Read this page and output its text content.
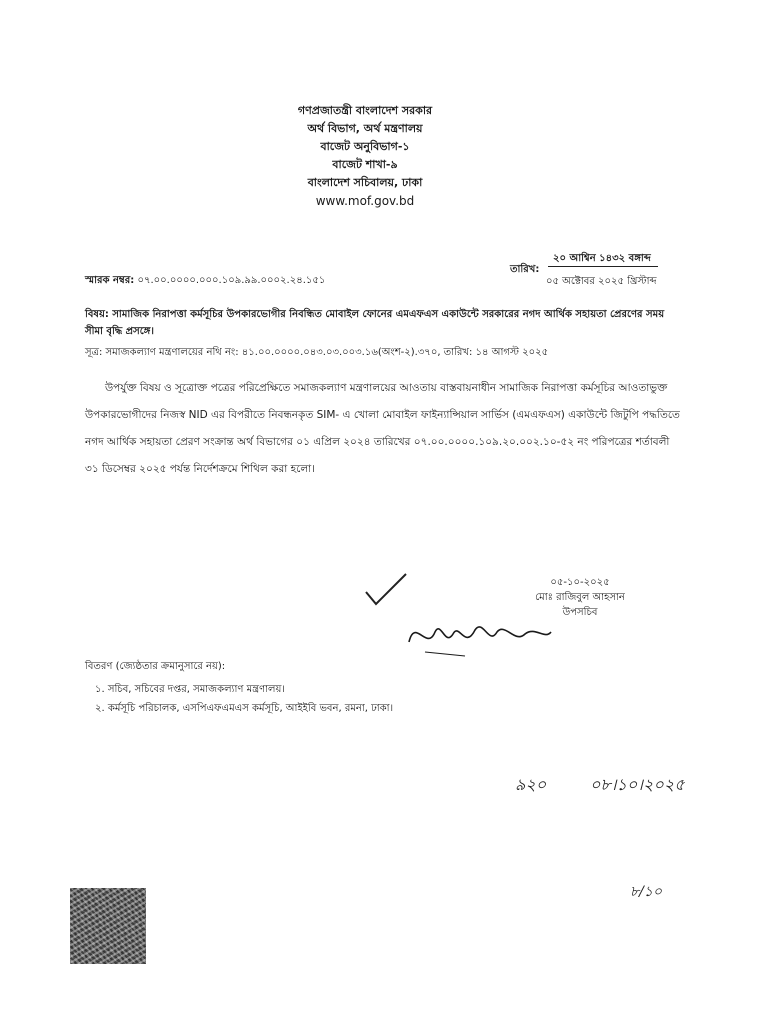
গণপ্রজাতন্ত্রী বাংলাদেশ সরকার
অর্থ বিভাগ, অর্থ মন্ত্রণালয়
বাজেট অনুবিভাগ-১
বাজেট শাখা-৯
বাংলাদেশ সচিবালয়, ঢাকা
www.mof.gov.bd
২০ আশ্বিন ১৪৩২ বঙ্গাব্দ
তারিখ:
০৫ অক্টোবর ২০২৫ খ্রিস্টাব্দ
স্মারক নম্বর: ০৭.০০.০০০০.০০০.১০৯.৯৯.০০০২.২৪.১৫১
বিষয়: সামাজিক নিরাপত্তা কর্মসূচির উপকারভোগীর নিবন্ধিত মোবাইল ফোনের এমএফএস একাউন্টে সরকারের নগদ আর্থিক সহায়তা প্রেরণের সময় সীমা বৃদ্ধি প্রসঙ্গে।
সূত্র: সমাজকল্যাণ মন্ত্রণালয়ের নথি নং: ৪১.০০.০০০০.০৪৩.০৩.০০৩.১৬(অংশ-২).৩৭০, তারিখ: ১৪ আগস্ট ২০২৫
উপর্যুক্ত বিষয় ও সূত্রোক্ত পত্রের পরিপ্রেক্ষিতে সমাজকল্যাণ মন্ত্রণালয়ের আওতায় বাস্তবায়নাধীন সামাজিক নিরাপত্তা কর্মসূচির আওতাভুক্ত উপকারভোগীদের নিজস্ব NID এর বিপরীতে নিবন্ধনকৃত SIM- এ খোলা মোবাইল ফাইন্যান্সিয়াল সার্ভিস (এমএফএস) একাউন্টে জিটুপি পদ্ধতিতে নগদ আর্থিক সহায়তা প্রেরণ সংক্রান্ত অর্থ বিভাগের ০১ এপ্রিল ২০২৪ তারিখের ০৭.০০.০০০০.১০৯.২০.০০২.১০-৫২ নং পরিপত্রের শর্তাবলী ৩১ ডিসেম্বর ২০২৫ পর্যন্ত নির্দেশক্রমে শিথিল করা হলো।
০৫-১০-২০২৫
মোঃ রাজিবুল আহসান
উপসচিব
বিতরণ (জ্যেষ্ঠতার ক্রমানুসারে নয়):
১. সচিব, সচিবের দপ্তর, সমাজকল্যাণ মন্ত্রণালয়।
২. কর্মসূচি পরিচালক, এসপিএফএমএস কর্মসূচি, আইইবি ভবন, রমনা, ঢাকা।
৯২০	০৮।১০।২০২৫
৮/১০
